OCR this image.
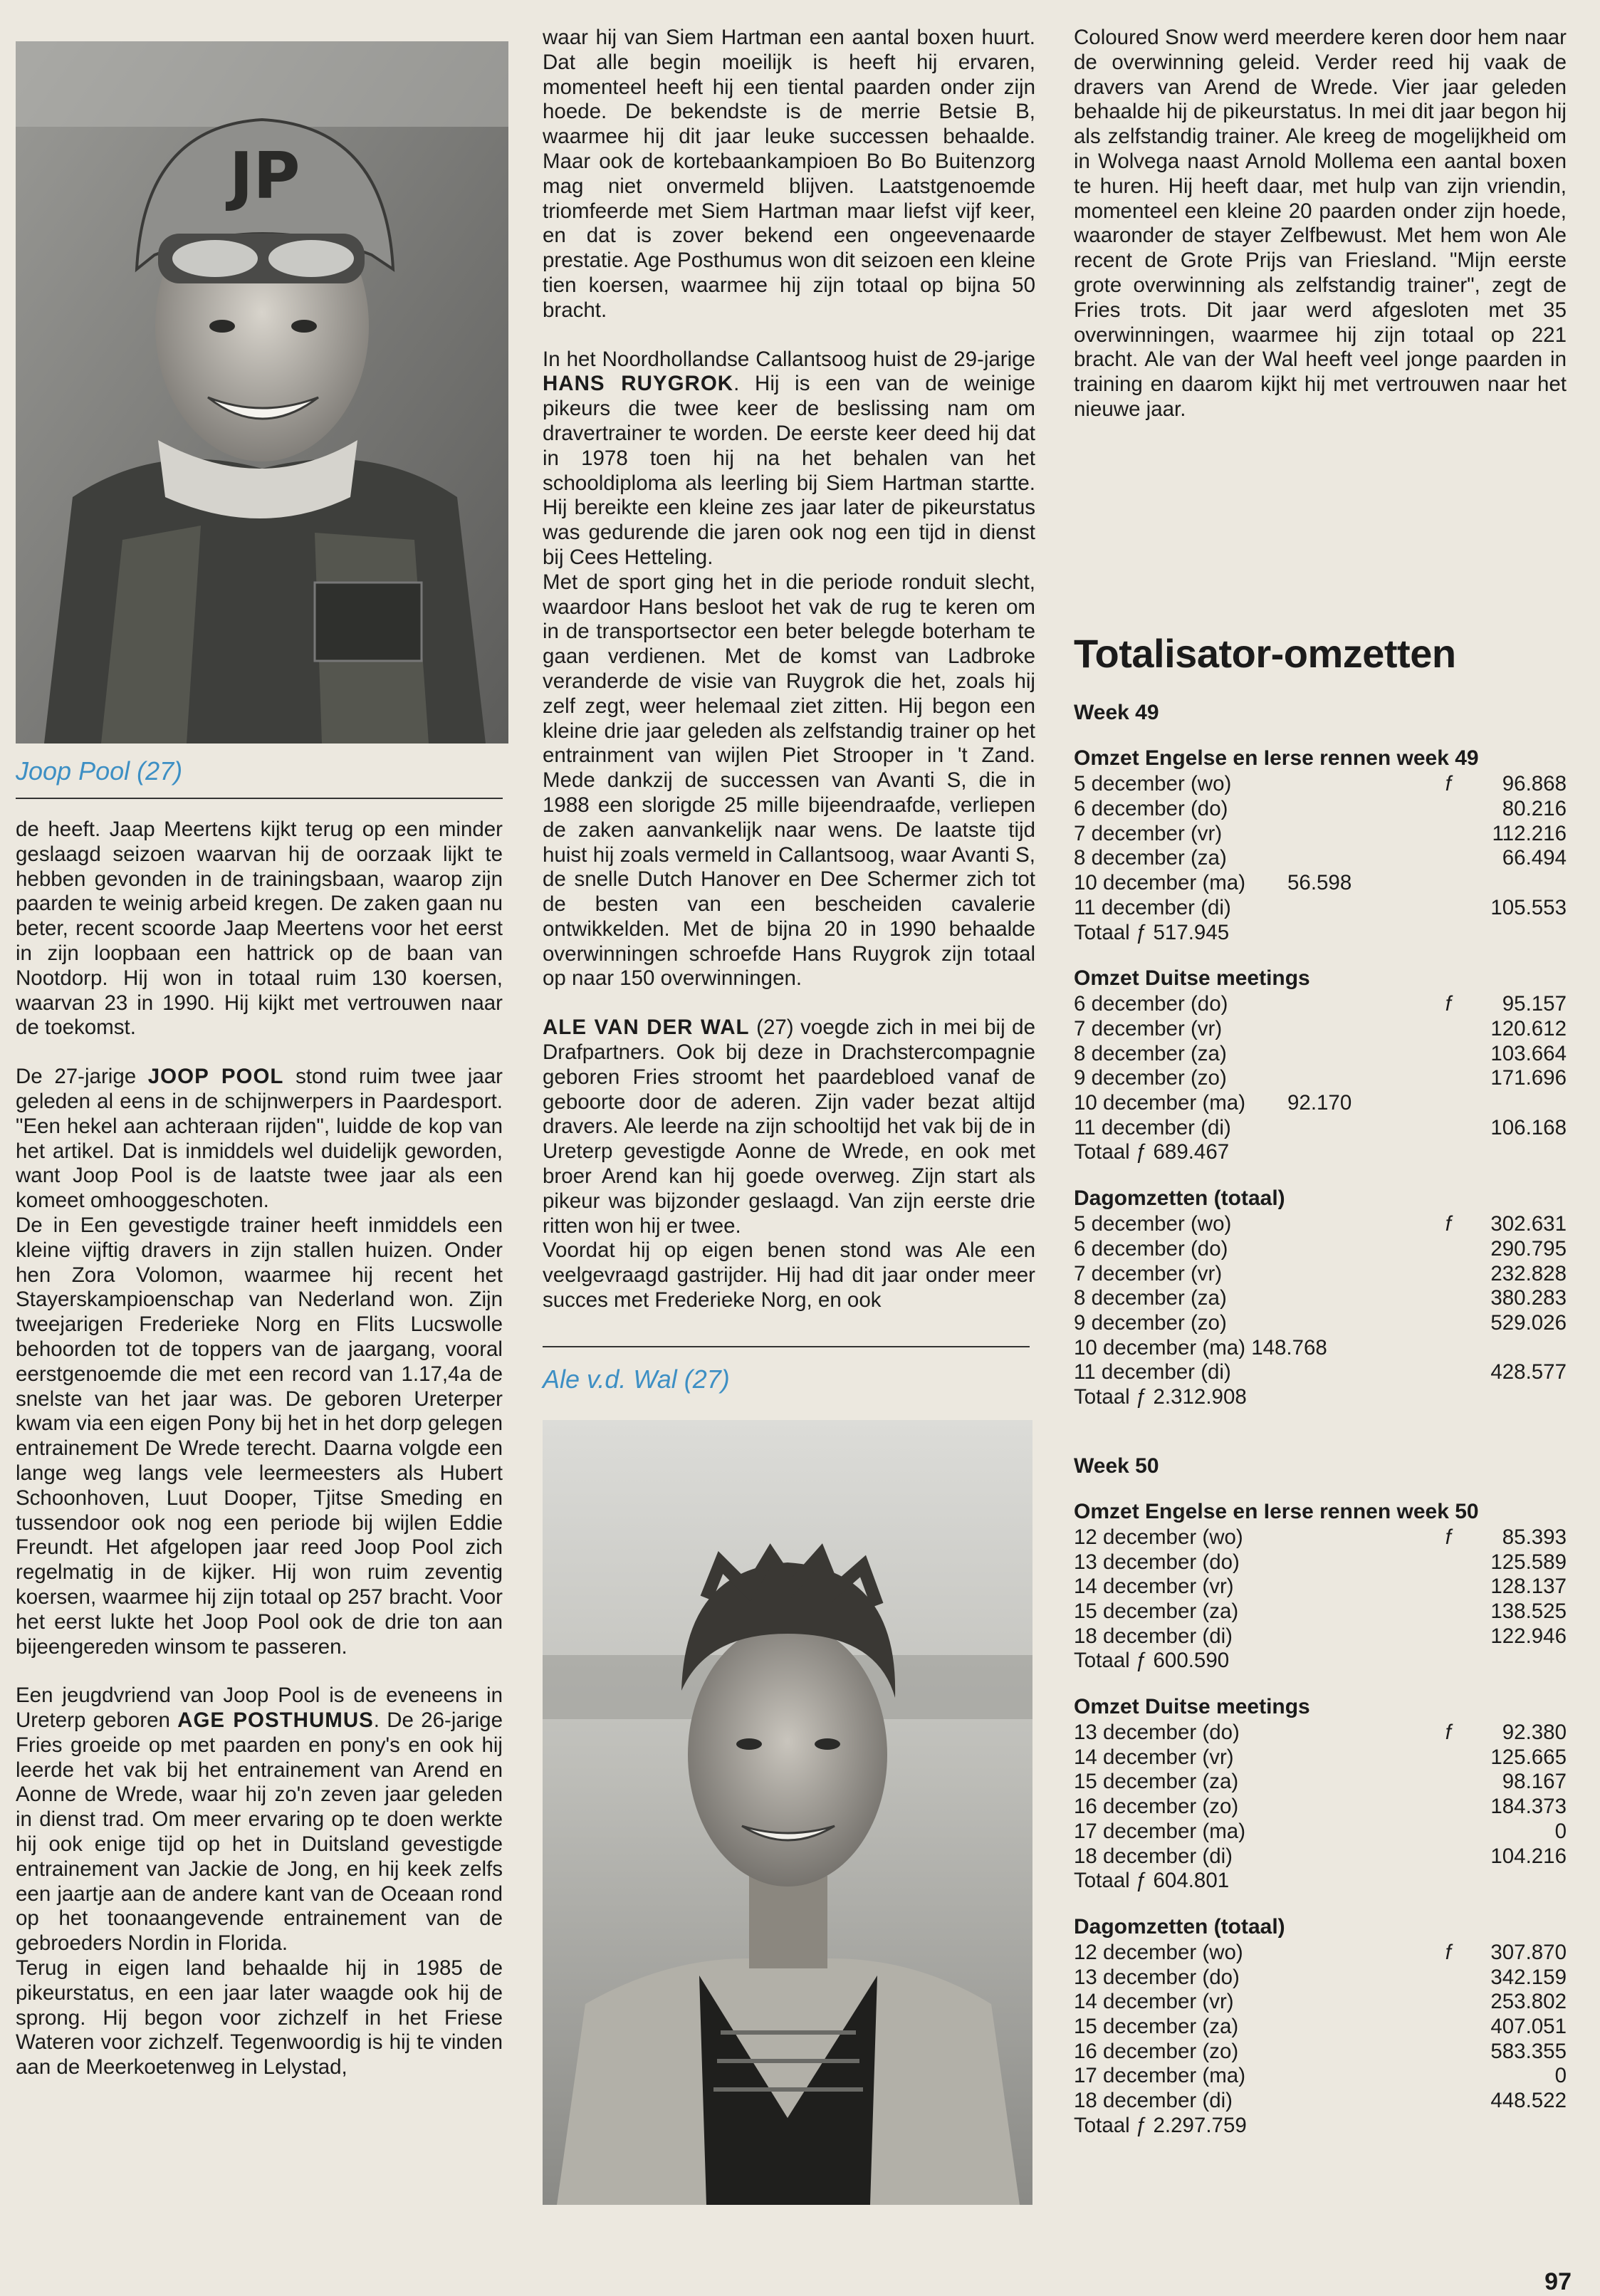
JP
Joop Pool (27)

de heeft. Jaap Meertens kijkt terug op een minder geslaagd seizoen waarvan hij de oorzaak lijkt te hebben gevonden in de trainingsbaan, waarop zijn paarden te weinig arbeid kregen. De zaken gaan nu beter, recent scoorde Jaap Meertens voor het eerst in zijn loopbaan een hattrick op de baan van Nootdorp. Hij won in totaal ruim 130 koersen, waarvan 23 in 1990. Hij kijkt met vertrouwen naar de toekomst.

De 27-jarige JOOP POOL stond ruim twee jaar geleden al eens in de schijnwerpers in Paardesport. "Een hekel aan achteraan rijden", luidde de kop van het artikel. Dat is inmiddels wel duidelijk geworden, want Joop Pool is de laatste twee jaar als een komeet omhooggeschoten.

De in Een gevestigde trainer heeft inmiddels een kleine vijftig dravers in zijn stallen huizen. Onder hen Zora Volomon, waarmee hij recent het Stayerskampioenschap van Nederland won. Zijn tweejarigen Frederieke Norg en Flits Lucswolle behoorden tot de toppers van de jaargang, vooral eerstgenoemde die met een record van 1.17,4a de snelste van het jaar was. De geboren Ureterper kwam via een eigen Pony bij het in het dorp gelegen entrainement De Wrede terecht. Daarna volgde een lange weg langs vele leermeesters als Hubert Schoonhoven, Luut Dooper, Tjitse Smeding en tussendoor ook nog een periode bij wijlen Eddie Freundt. Het afgelopen jaar reed Joop Pool zich regelmatig in de kijker. Hij won ruim zeventig koersen, waarmee hij zijn totaal op 257 bracht. Voor het eerst lukte het Joop Pool ook de drie ton aan bijeengereden winsom te passeren.

Een jeugdvriend van Joop Pool is de eveneens in Ureterp geboren AGE POSTHUMUS. De 26-jarige Fries groeide op met paarden en pony's en ook hij leerde het vak bij het entrainement van Arend en Aonne de Wrede, waar hij zo'n zeven jaar geleden in dienst trad. Om meer ervaring op te doen werkte hij ook enige tijd op het in Duitsland gevestigde entrainement van Jackie de Jong, en hij keek zelfs een jaartje aan de andere kant van de Oceaan rond op het toonaangevende entrainement van de gebroeders Nordin in Florida.

Terug in eigen land behaalde hij in 1985 de pikeurstatus, en een jaar later waagde ook hij de sprong. Hij begon voor zichzelf in het Friese Wateren voor zichzelf. Tegenwoordig is hij te vinden aan de Meerkoetenweg in Lelystad,

waar hij van Siem Hartman een aantal boxen huurt. Dat alle begin moeilijk is heeft hij ervaren, momenteel heeft hij een tiental paarden onder zijn hoede. De bekendste is de merrie Betsie B, waarmee hij dit jaar leuke successen behaalde. Maar ook de kortebaankampioen Bo Bo Buitenzorg mag niet onvermeld blijven. Laatstgenoemde triomfeerde met Siem Hartman maar liefst vijf keer, en dat is zover bekend een ongeevenaarde prestatie. Age Posthumus won dit seizoen een kleine tien koersen, waarmee hij zijn totaal op bijna 50 bracht.

In het Noordhollandse Callantsoog huist de 29-jarige HANS RUYGROK. Hij is een van de weinige pikeurs die twee keer de beslissing nam om dravertrainer te worden. De eerste keer deed hij dat in 1978 toen hij na het behalen van het schooldiploma als leerling bij Siem Hartman startte. Hij bereikte een kleine zes jaar later de pikeurstatus was gedurende die jaren ook nog een tijd in dienst bij Cees Hetteling.

Met de sport ging het in die periode ronduit slecht, waardoor Hans besloot het vak de rug te keren om in de transportsector een beter belegde boterham te gaan verdienen. Met de komst van Ladbroke veranderde de visie van Ruygrok die het, zoals hij zelf zegt, weer helemaal ziet zitten. Hij begon een kleine drie jaar geleden als zelfstandig trainer op het entrainment van wijlen Piet Strooper in 't Zand. Mede dankzij de successen van Avanti S, die in 1988 een slorigde 25 mille bijeendraafde, verliepen de zaken aanvankelijk naar wens. De laatste tijd huist hij zoals vermeld in Callantsoog, waar Avanti S, de snelle Dutch Hanover en Dee Schermer zich tot de besten van een bescheiden cavalerie ontwikkelden. Met de bijna 20 in 1990 behaalde overwinningen schroefde Hans Ruygrok zijn totaal op naar 150 overwinningen.

ALE VAN DER WAL (27) voegde zich in mei bij de Drafpartners. Ook bij deze in Drachstercompagnie geboren Fries stroomt het paardebloed vanaf de geboorte door de aderen. Zijn vader bezat altijd dravers. Ale leerde na zijn schooltijd het vak bij de in Ureterp gevestigde Aonne de Wrede, en ook met broer Arend kan hij goede overweg. Zijn start als pikeur was bijzonder geslaagd. Van zijn eerste drie ritten won hij er twee.

Voordat hij op eigen benen stond was Ale een veelgevraagd gastrijder. Hij had dit jaar onder meer succes met Frederieke Norg, en ook

Ale v.d. Wal (27)

Coloured Snow werd meerdere keren door hem naar de overwinning geleid. Verder reed hij vaak de dravers van Arend de Wrede. Vier jaar geleden behaalde hij de pikeurstatus. In mei dit jaar begon hij als zelfstandig trainer. Ale kreeg de mogelijkheid om in Wolvega naast Arnold Mollema een aantal boxen te huren. Hij heeft daar, met hulp van zijn vriendin, momenteel een kleine 20 paarden onder zijn hoede, waaronder de stayer Zelfbewust. Met hem won Ale recent de Grote Prijs van Friesland. "Mijn eerste grote overwinning als zelfstandig trainer", zegt de Fries trots. Dit jaar werd afgesloten met 35 overwinningen, waarmee hij zijn totaal op 221 bracht. Ale van der Wal heeft veel jonge paarden in training en daarom kijkt hij met vertrouwen naar het nieuwe jaar.

Totalisator-omzetten

Week 49

Omzet Engelse en Ierse rennen week 49

5 december (wo)	f	96.868
6 december (do)	80.216
7 december (vr)	112.216
8 december (za)	66.494
10 december (ma)	56.598
11 december (di)	105.553
Totaal ƒ 517.945

Omzet Duitse meetings

6 december (do)	f	95.157
7 december (vr)	120.612
8 december (za)	103.664
9 december (zo)	171.696
10 december (ma)	92.170
11 december (di)	106.168
Totaal ƒ 689.467

Dagomzetten (totaal)

5 december (wo)	f	302.631
6 december (do)	290.795
7 december (vr)	232.828
8 december (za)	380.283
9 december (zo)	529.026
10 december (ma) 148.768
11 december (di)	428.577
Totaal ƒ 2.312.908

Week 50

Omzet Engelse en Ierse rennen week 50

12 december (wo)	f	85.393
13 december (do)	125.589
14 december (vr)	128.137
15 december (za)	138.525
18 december (di)	122.946
Totaal ƒ 600.590

Omzet Duitse meetings

13 december (do)	f	92.380
14 december (vr)	125.665
15 december (za)	98.167
16 december (zo)	184.373
17 december (ma)	0
18 december (di)	104.216
Totaal ƒ 604.801

Dagomzetten (totaal)

12 december (wo)	f	307.870
13 december (do)	342.159
14 december (vr)	253.802
15 december (za)	407.051
16 december (zo)	583.355
17 december (ma)	0
18 december (di)	448.522
Totaal ƒ 2.297.759
97
